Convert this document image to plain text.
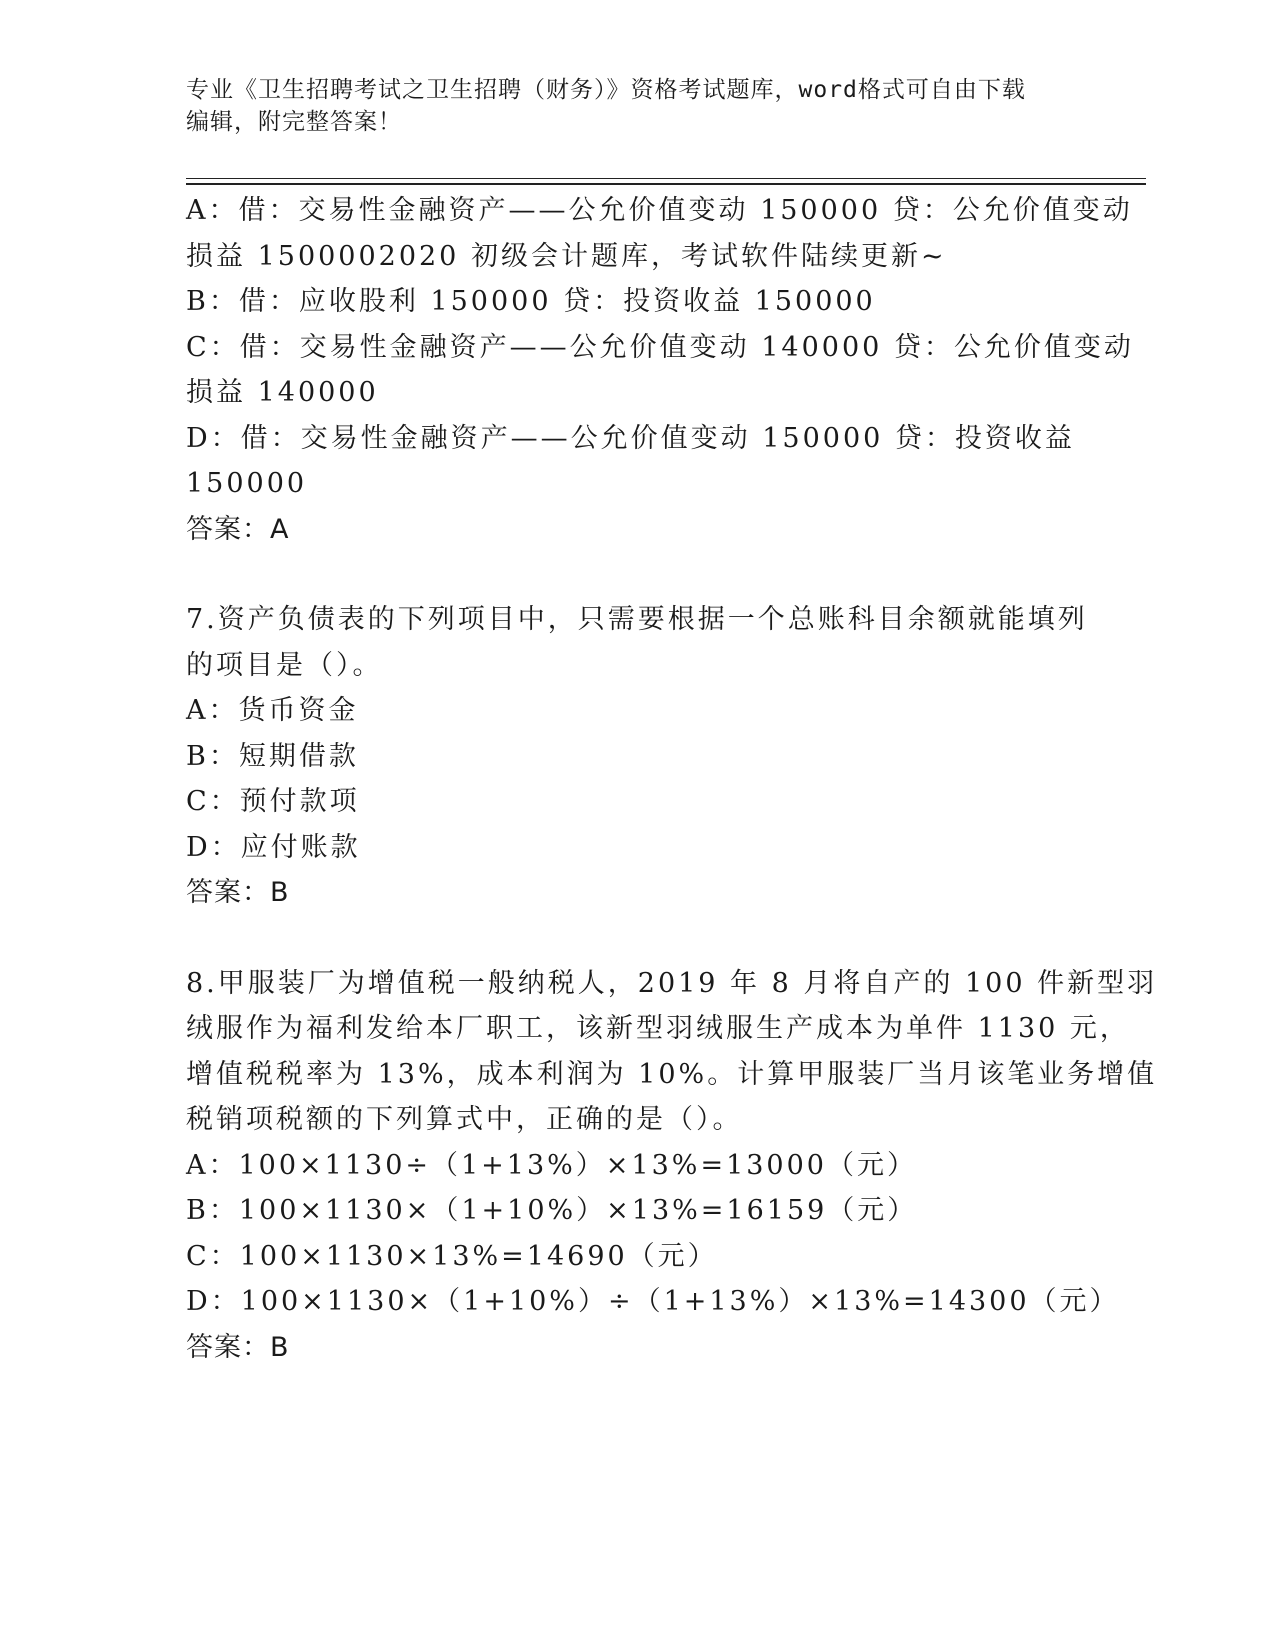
专业《卫生招聘考试之卫生招聘（财务）》资格考试题库，word格式可自由下载
编辑，附完整答案！
A：借：交易性金融资产——公允价值变动 150000 贷：公允价值变动
损益 1500002020 初级会计题库，考试软件陆续更新~
B：借：应收股利 150000 贷：投资收益 150000
C：借：交易性金融资产——公允价值变动 140000 贷：公允价值变动
损益 140000
D：借：交易性金融资产——公允价值变动 150000 贷：投资收益
150000
答案：A
7.资产负债表的下列项目中，只需要根据一个总账科目余额就能填列
的项目是（）。
A：货币资金
B：短期借款
C：预付款项
D：应付账款
答案：B
8.甲服装厂为增值税一般纳税人，2019 年 8 月将自产的 100 件新型羽
绒服作为福利发给本厂职工，该新型羽绒服生产成本为单件 1130 元，
增值税税率为 13%，成本利润为 10%。计算甲服装厂当月该笔业务增值
税销项税额的下列算式中，正确的是（）。
A：100×1130÷（1+13%）×13%=13000（元）
B：100×1130×（1+10%）×13%=16159（元）
C：100×1130×13%=14690（元）
D：100×1130×（1+10%）÷（1+13%）×13%=14300（元）
答案：B
